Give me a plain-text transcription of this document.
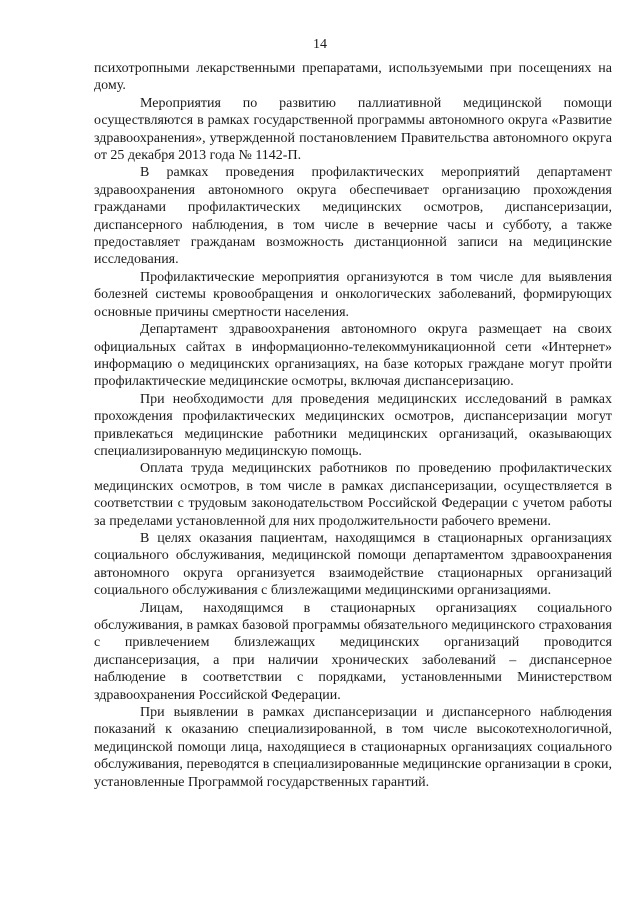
14

психотропными лекарственными препаратами, используемыми при посещениях на дому.

Мероприятия по развитию паллиативной медицинской помощи осуществляются в рамках государственной программы автономного округа «Развитие здравоохранения», утвержденной постановлением Правительства автономного округа от 25 декабря 2013 года № 1142-П.

В рамках проведения профилактических мероприятий департамент здравоохранения автономного округа обеспечивает организацию прохождения гражданами профилактических медицинских осмотров, диспансеризации, диспансерного наблюдения, в том числе в вечерние часы и субботу, а также предоставляет гражданам возможность дистанционной записи на медицинские исследования.

Профилактические мероприятия организуются в том числе для выявления болезней системы кровообращения и онкологических заболеваний, формирующих основные причины смертности населения.

Департамент здравоохранения автономного округа размещает на своих официальных сайтах в информационно-телекоммуникационной сети «Интернет» информацию о медицинских организациях, на базе которых граждане могут пройти профилактические медицинские осмотры, включая диспансеризацию.

При необходимости для проведения медицинских исследований в рамках прохождения профилактических медицинских осмотров, диспансеризации могут привлекаться медицинские работники медицинских организаций, оказывающих специализированную медицинскую помощь.

Оплата труда медицинских работников по проведению профилактических медицинских осмотров, в том числе в рамках диспансеризации, осуществляется в соответствии с трудовым законодательством Российской Федерации с учетом работы за пределами установленной для них продолжительности рабочего времени.

В целях оказания пациентам, находящимся в стационарных организациях социального обслуживания, медицинской помощи департаментом здравоохранения автономного округа организуется взаимодействие стационарных организаций социального обслуживания с близлежащими медицинскими организациями.

Лицам, находящимся в стационарных организациях социального обслуживания, в рамках базовой программы обязательного медицинского страхования с привлечением близлежащих медицинских организаций проводится диспансеризация, а при наличии хронических заболеваний – диспансерное наблюдение в соответствии с порядками, установленными Министерством здравоохранения Российской Федерации.

При выявлении в рамках диспансеризации и диспансерного наблюдения показаний к оказанию специализированной, в том числе высокотехнологичной, медицинской помощи лица, находящиеся в стационарных организациях социального обслуживания, переводятся в специализированные медицинские организации в сроки, установленные Программой государственных гарантий.
